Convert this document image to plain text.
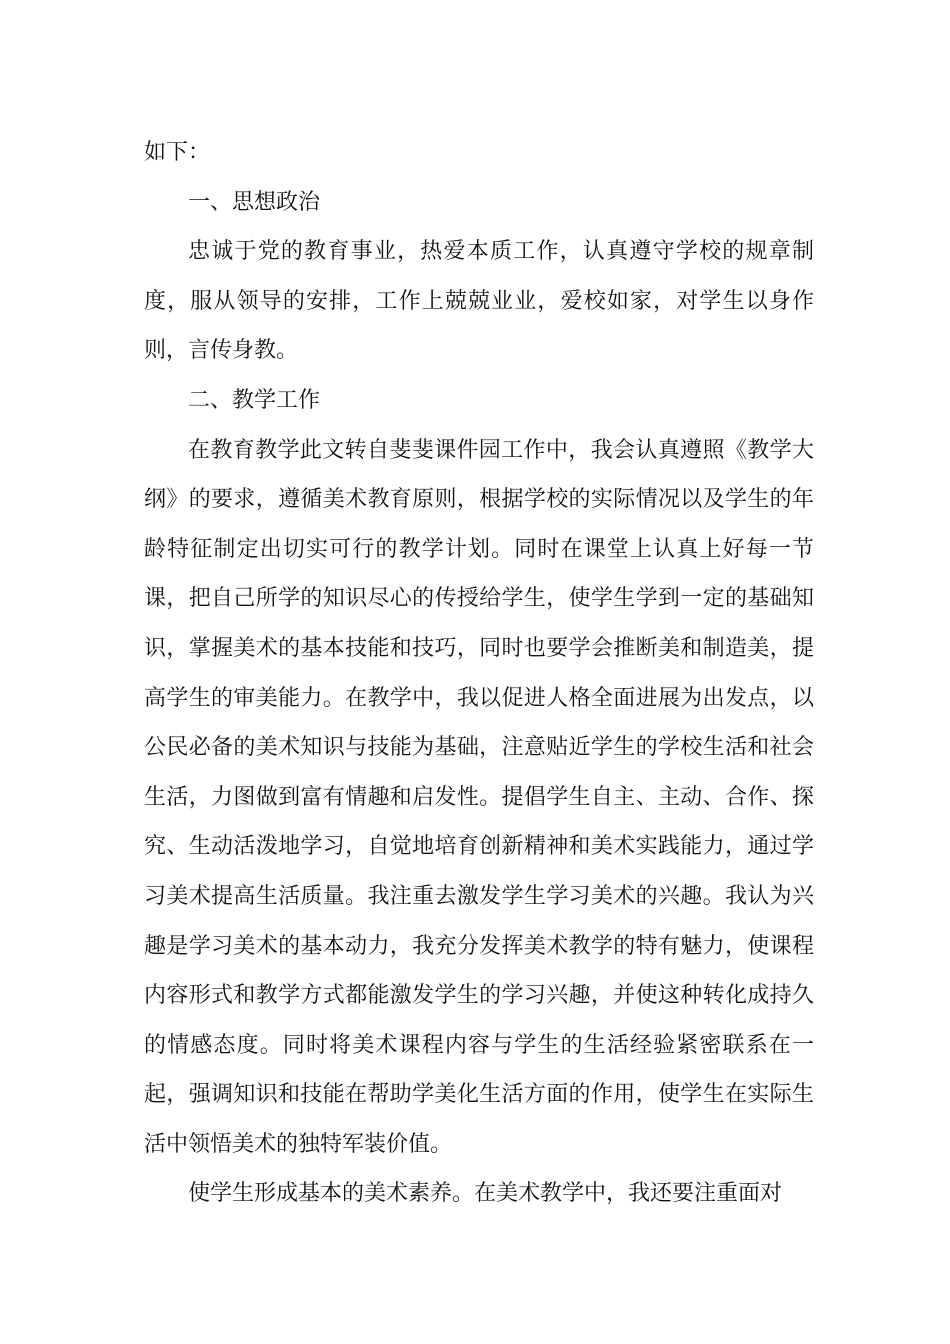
如下：

一、思想政治

忠诚于党的教育事业，热爱本质工作，认真遵守学校的规章制度，服从领导的安排，工作上兢兢业业，爱校如家，对学生以身作则，言传身教。

二、教学工作

在教育教学此文转自斐斐课件园工作中，我会认真遵照《教学大纲》的要求，遵循美术教育原则，根据学校的实际情况以及学生的年龄特征制定出切实可行的教学计划。同时在课堂上认真上好每一节课，把自己所学的知识尽心的传授给学生，使学生学到一定的基础知识，掌握美术的基本技能和技巧，同时也要学会推断美和制造美，提高学生的审美能力。在教学中，我以促进人格全面进展为出发点，以公民必备的美术知识与技能为基础，注意贴近学生的学校生活和社会生活，力图做到富有情趣和启发性。提倡学生自主、主动、合作、探究、生动活泼地学习，自觉地培育创新精神和美术实践能力，通过学习美术提高生活质量。我注重去激发学生学习美术的兴趣。我认为兴趣是学习美术的基本动力，我充分发挥美术教学的特有魅力，使课程内容形式和教学方式都能激发学生的学习兴趣，并使这种转化成持久的情感态度。同时将美术课程内容与学生的生活经验紧密联系在一起，强调知识和技能在帮助学美化生活方面的作用，使学生在实际生活中领悟美术的独特军装价值。

使学生形成基本的美术素养。在美术教学中，我还要注重面对
